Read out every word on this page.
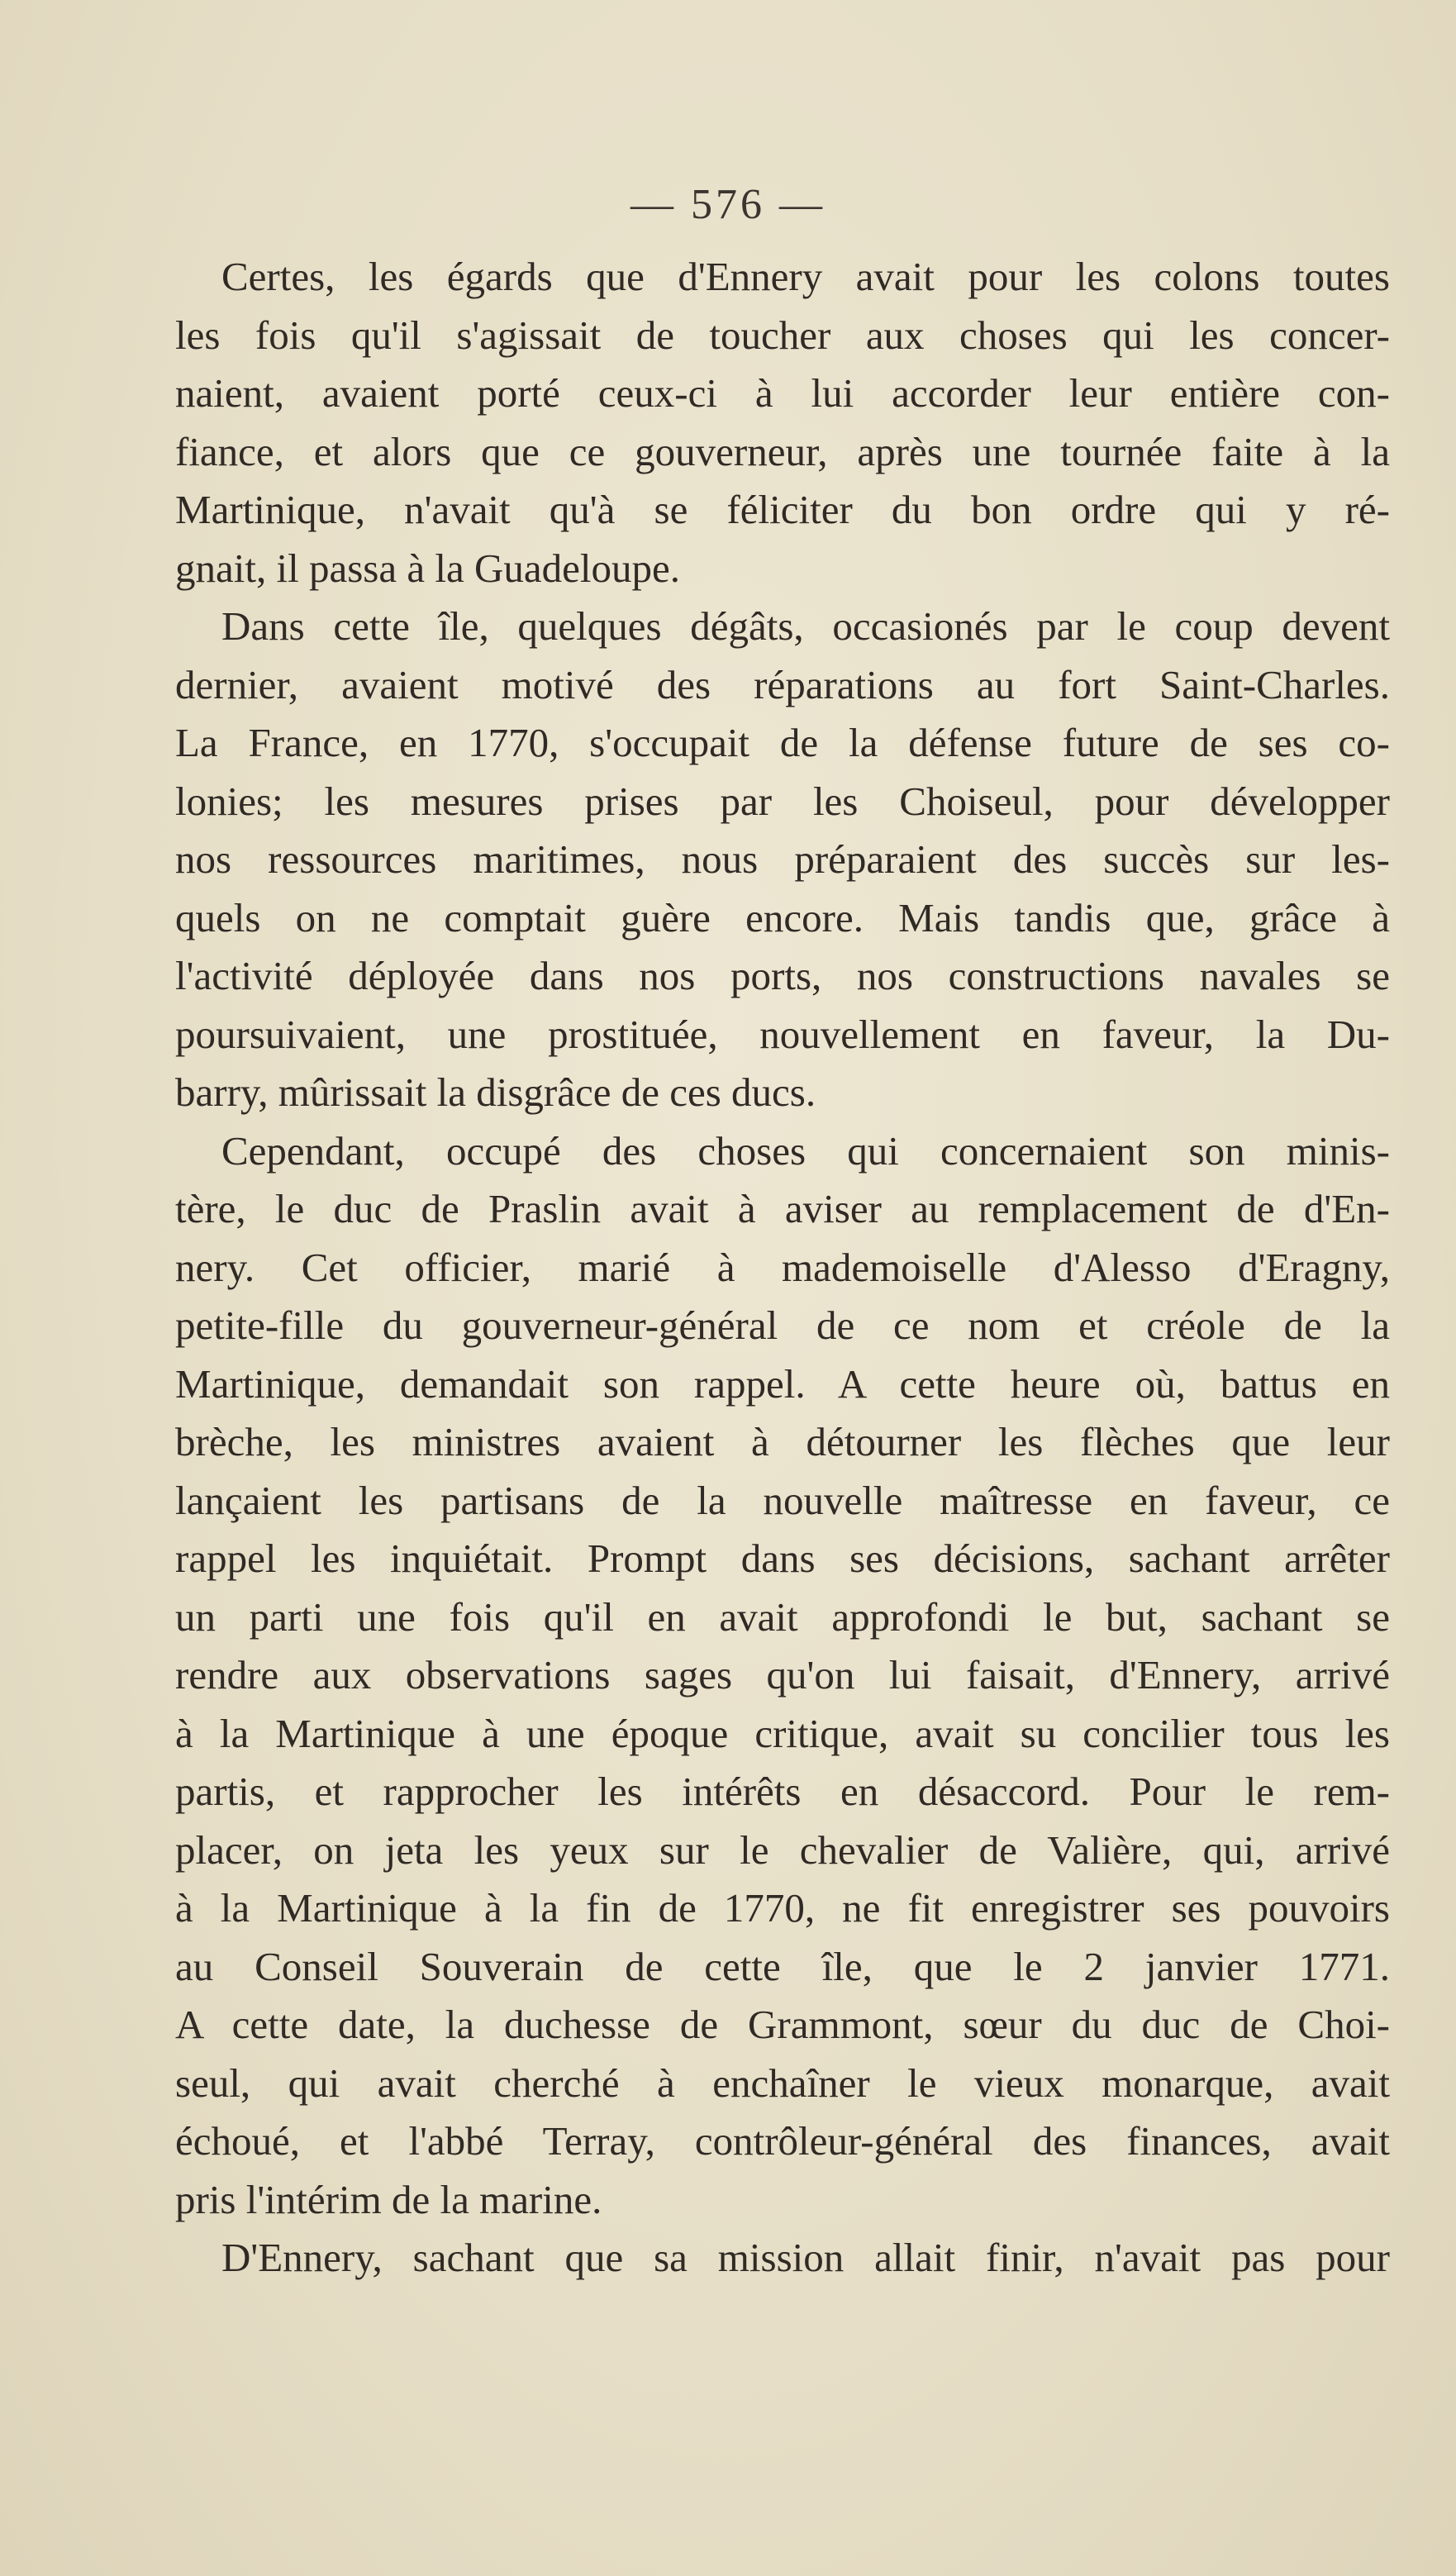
— 576 —
Certes, les égards que d'Ennery avait pour les colons toutes
les fois qu'il s'agissait de toucher aux choses qui les concer-
naient, avaient porté ceux-ci à lui accorder leur entière con-
fiance, et alors que ce gouverneur, après une tournée faite à la
Martinique, n'avait qu'à se féliciter du bon ordre qui y ré-
gnait, il passa à la Guadeloupe.
Dans cette île, quelques dégâts, occasionés par le coup devent
dernier, avaient motivé des réparations au fort Saint-Charles.
La France, en 1770, s'occupait de la défense future de ses co-
lonies; les mesures prises par les Choiseul, pour développer
nos ressources maritimes, nous préparaient des succès sur les-
quels on ne comptait guère encore. Mais tandis que, grâce à
l'activité déployée dans nos ports, nos constructions navales se
poursuivaient, une prostituée, nouvellement en faveur, la Du-
barry, mûrissait la disgrâce de ces ducs.
Cependant, occupé des choses qui concernaient son minis-
tère, le duc de Praslin avait à aviser au remplacement de d'En-
nery. Cet officier, marié à mademoiselle d'Alesso d'Eragny,
petite-fille du gouverneur-général de ce nom et créole de la
Martinique, demandait son rappel. A cette heure où, battus en
brèche, les ministres avaient à détourner les flèches que leur
lançaient les partisans de la nouvelle maîtresse en faveur, ce
rappel les inquiétait. Prompt dans ses décisions, sachant arrêter
un parti une fois qu'il en avait approfondi le but, sachant se
rendre aux observations sages qu'on lui faisait, d'Ennery, arrivé
à la Martinique à une époque critique, avait su concilier tous les
partis, et rapprocher les intérêts en désaccord. Pour le rem-
placer, on jeta les yeux sur le chevalier de Valière, qui, arrivé
à la Martinique à la fin de 1770, ne fit enregistrer ses pouvoirs
au Conseil Souverain de cette île, que le 2 janvier 1771.
A cette date, la duchesse de Grammont, sœur du duc de Choi-
seul, qui avait cherché à enchaîner le vieux monarque, avait
échoué, et l'abbé Terray, contrôleur-général des finances, avait
pris l'intérim de la marine.
D'Ennery, sachant que sa mission allait finir, n'avait pas pour
